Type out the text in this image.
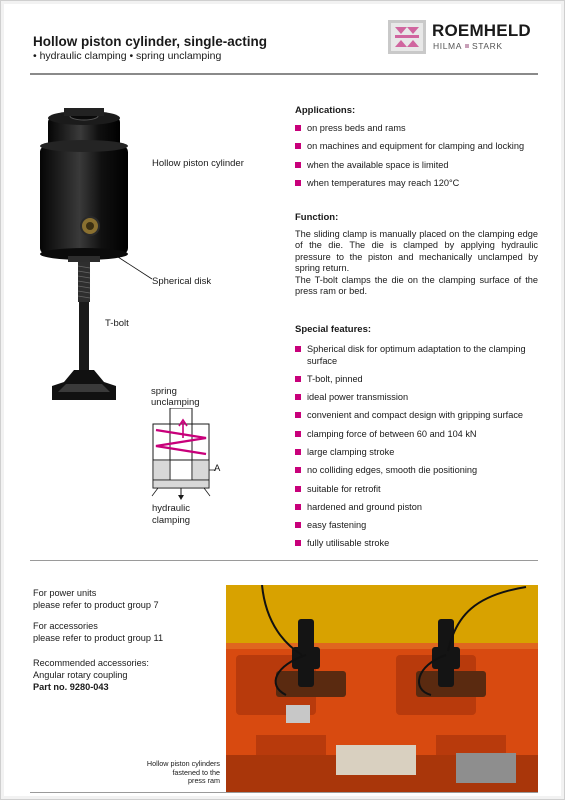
Hollow piston cylinder, single-acting
• hydraulic clamping • spring unclamping
ROEMHELD
HILMA STARK
Hollow piston cylinder
Spherical disk
T-bolt
spring
unclamping
A
hydraulic
clamping
Applications:
on press beds and rams
on machines and equipment for clamping and locking
when the available space is limited
when temperatures may reach 120°C
Function:

The sliding clamp is manually placed on the clamping edge of the die. The die is clamped by applying hydraulic pressure to the piston and mechanically unclamped by spring return.

The T-bolt clamps the die on the clamping surface of the press ram or bed.

Special features:
Spherical disk for optimum adaptation to the clamping surface
T-bolt, pinned
ideal power transmission
convenient and compact design with gripping surface
clamping force of between 60 and 104 kN
large clamping stroke
no colliding edges, smooth die positioning
suitable for retrofit
hardened and ground piston
easy fastening
fully utilisable stroke
For power units
please refer to product group 7
For accessories
please refer to product group 11
Recommended accessories:
Angular rotary coupling
Part no. 9280-043
Hollow piston cylinders
fastened to the
press ram
